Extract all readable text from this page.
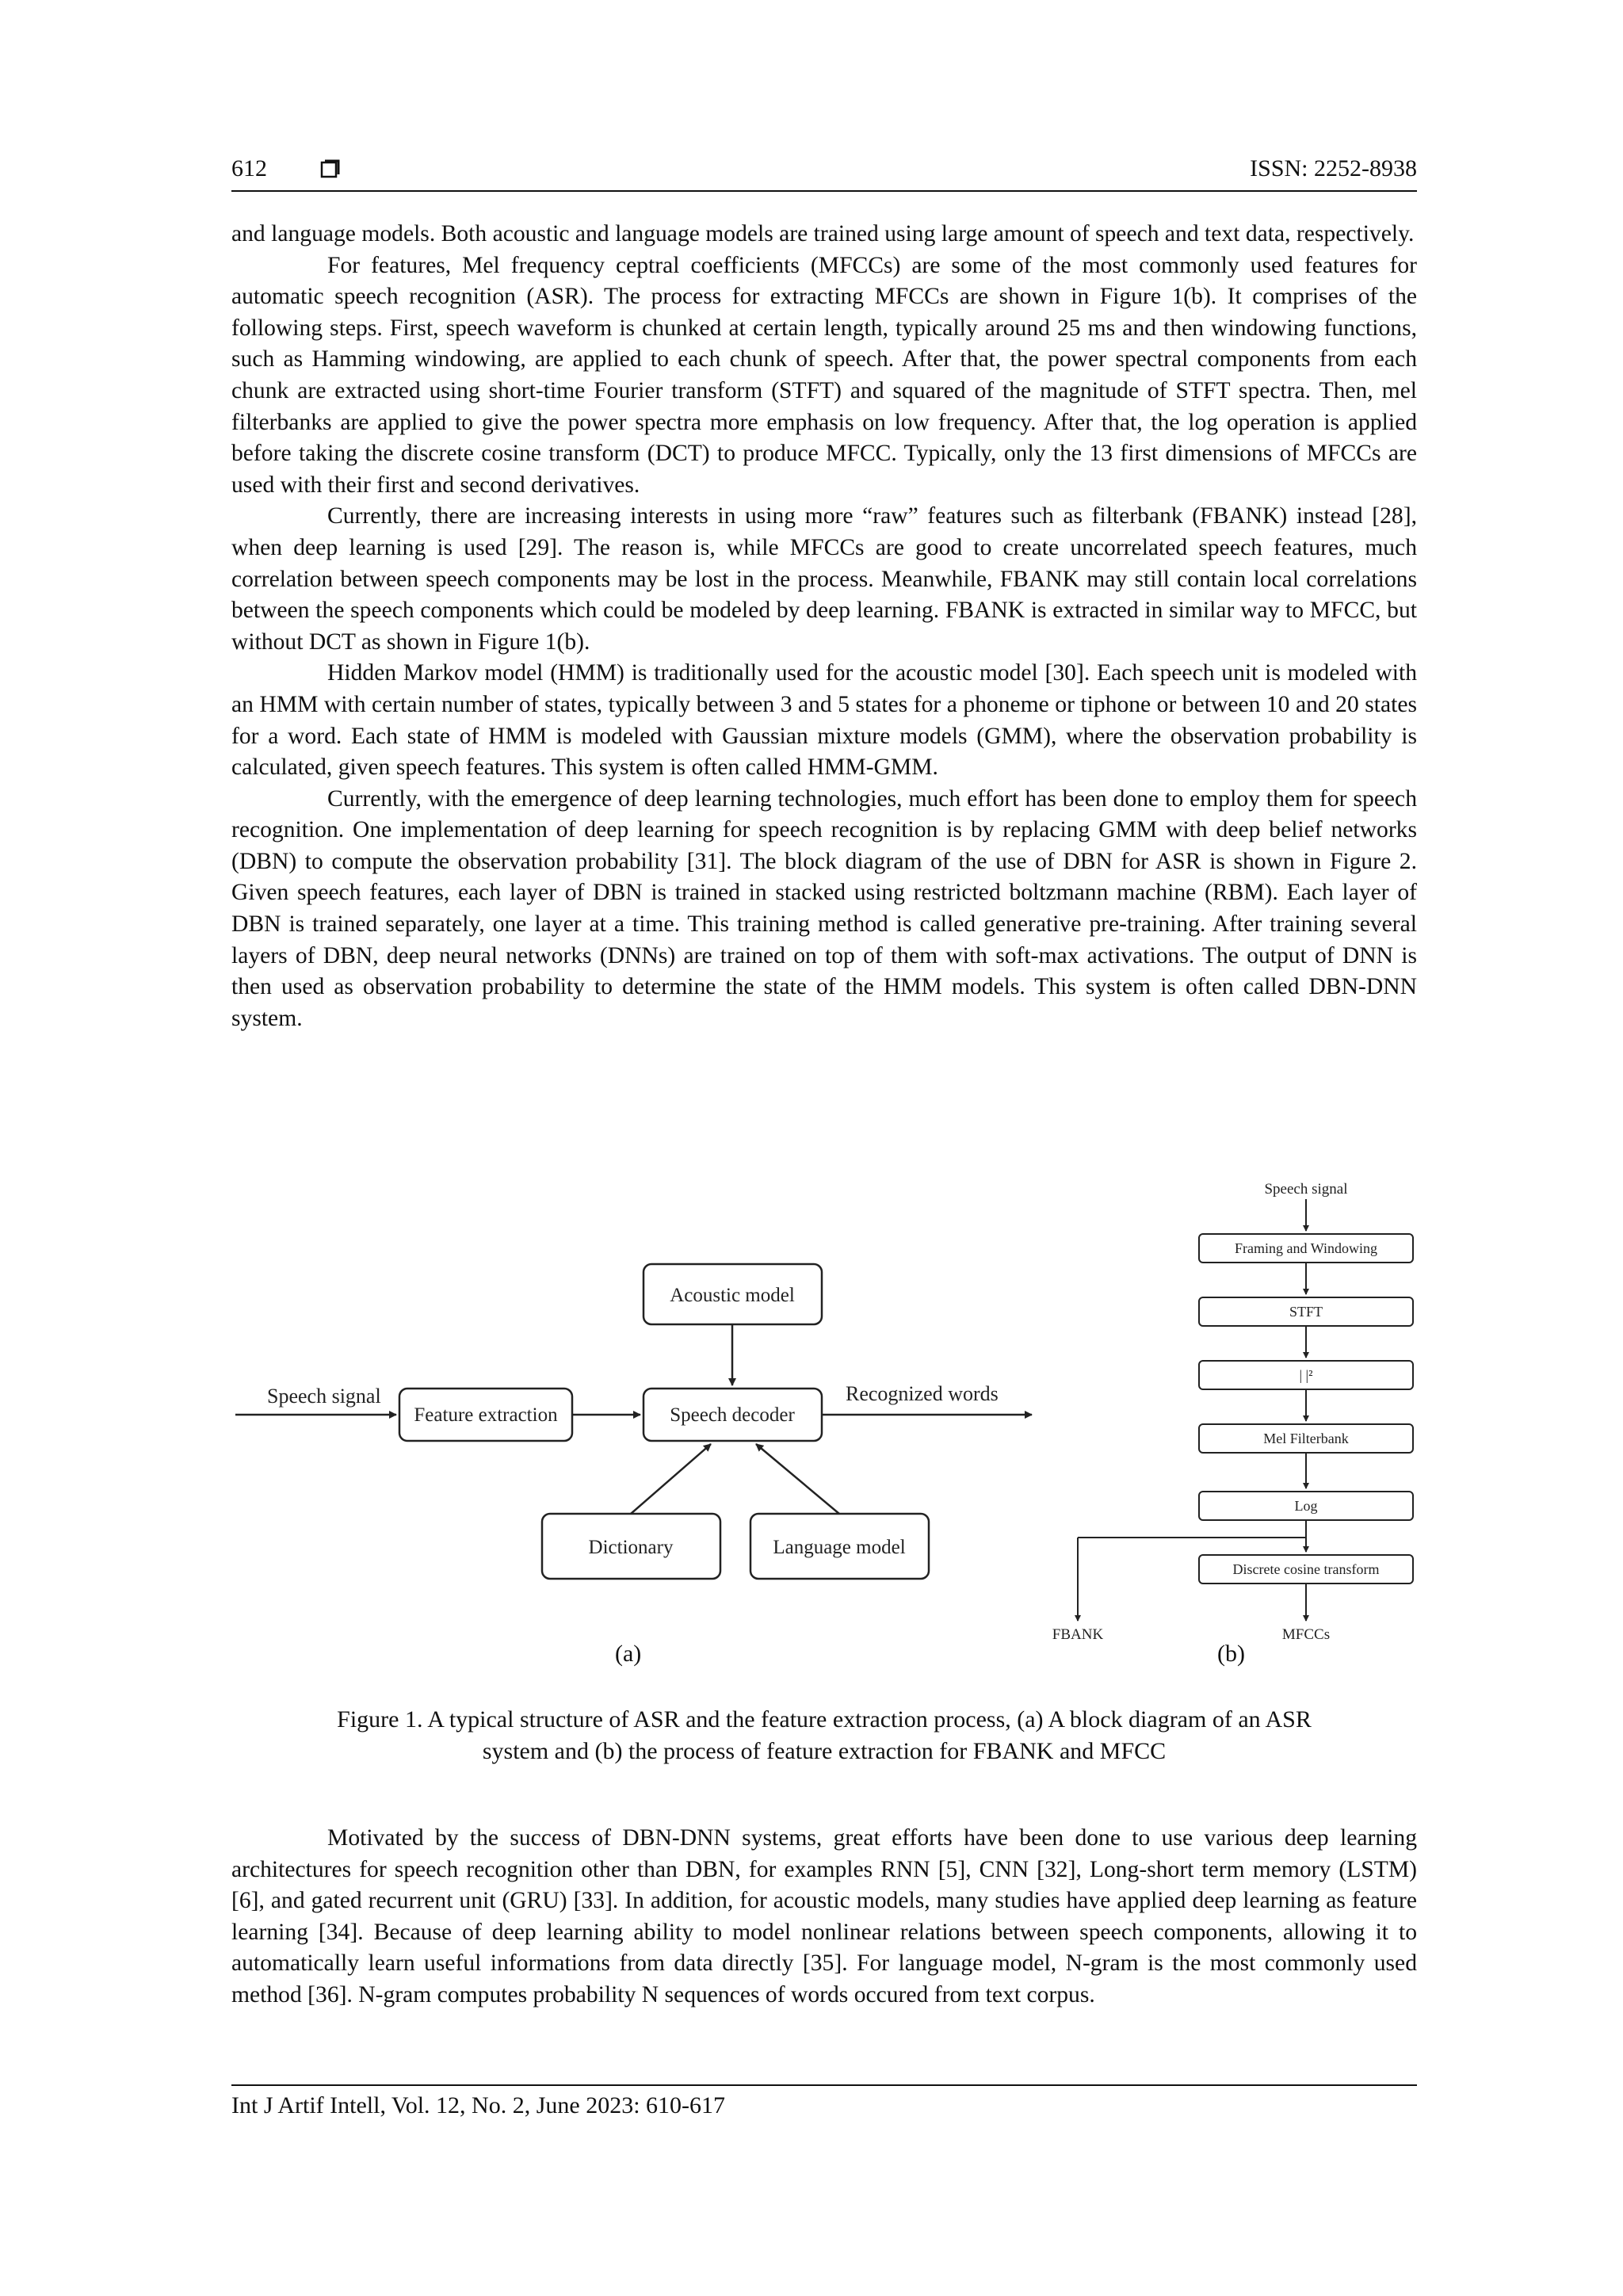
612	ISSN: 2252-8938

and language models. Both acoustic and language models are trained using large amount of speech and text data, respectively.

For features, Mel frequency ceptral coefficients (MFCCs) are some of the most commonly used features for automatic speech recognition (ASR). The process for extracting MFCCs are shown in Figure 1(b). It comprises of the following steps. First, speech waveform is chunked at certain length, typically around 25 ms and then windowing functions, such as Hamming windowing, are applied to each chunk of speech. After that, the power spectral components from each chunk are extracted using short-time Fourier transform (STFT) and squared of the magnitude of STFT spectra. Then, mel filterbanks are applied to give the power spectra more emphasis on low frequency. After that, the log operation is applied before taking the discrete cosine transform (DCT) to produce MFCC. Typically, only the 13 first dimensions of MFCCs are used with their first and second derivatives.

Currently, there are increasing interests in using more “raw” features such as filterbank (FBANK) instead [28], when deep learning is used [29]. The reason is, while MFCCs are good to create uncorrelated speech features, much correlation between speech components may be lost in the process. Meanwhile, FBANK may still contain local correlations between the speech components which could be modeled by deep learning. FBANK is extracted in similar way to MFCC, but without DCT as shown in Figure 1(b).

Hidden Markov model (HMM) is traditionally used for the acoustic model [30]. Each speech unit is modeled with an HMM with certain number of states, typically between 3 and 5 states for a phoneme or tiphone or between 10 and 20 states for a word. Each state of HMM is modeled with Gaussian mixture models (GMM), where the observation probability is calculated, given speech features. This system is often called HMM-GMM.

Currently, with the emergence of deep learning technologies, much effort has been done to employ them for speech recognition. One implementation of deep learning for speech recognition is by replacing GMM with deep belief networks (DBN) to compute the observation probability [31]. The block diagram of the use of DBN for ASR is shown in Figure 2. Given speech features, each layer of DBN is trained in stacked using restricted boltzmann machine (RBM). Each layer of DBN is trained separately, one layer at a time. This training method is called generative pre-training. After training several layers of DBN, deep neural networks (DNNs) are trained on top of them with soft-max activations. The output of DNN is then used as observation probability to determine the state of the HMM models. This system is often called DBN-DNN system.

Speech signal
Feature extraction
Acoustic model
Speech decoder
Recognized words
Dictionary	Language model
Speech signal
Framing and Windowing
STFT
| |²
Mel Filterbank
Log
FBANK
Discrete cosine transform
MFCCs
(a)	(b)
Figure 1. A typical structure of ASR and the feature extraction process, (a) A block diagram of an ASR
system and (b) the process of feature extraction for FBANK and MFCC

Motivated by the success of DBN-DNN systems, great efforts have been done to use various deep learning architectures for speech recognition other than DBN, for examples RNN [5], CNN [32], Long-short term memory (LSTM) [6], and gated recurrent unit (GRU) [33]. In addition, for acoustic models, many studies have applied deep learning as feature learning [34]. Because of deep learning ability to model nonlinear relations between speech components, allowing it to automatically learn useful informations from data directly [35]. For language model, N-gram is the most commonly used method [36]. N-gram computes probability N sequences of words occured from text corpus.

Int J Artif Intell, Vol. 12, No. 2, June 2023: 610-617
